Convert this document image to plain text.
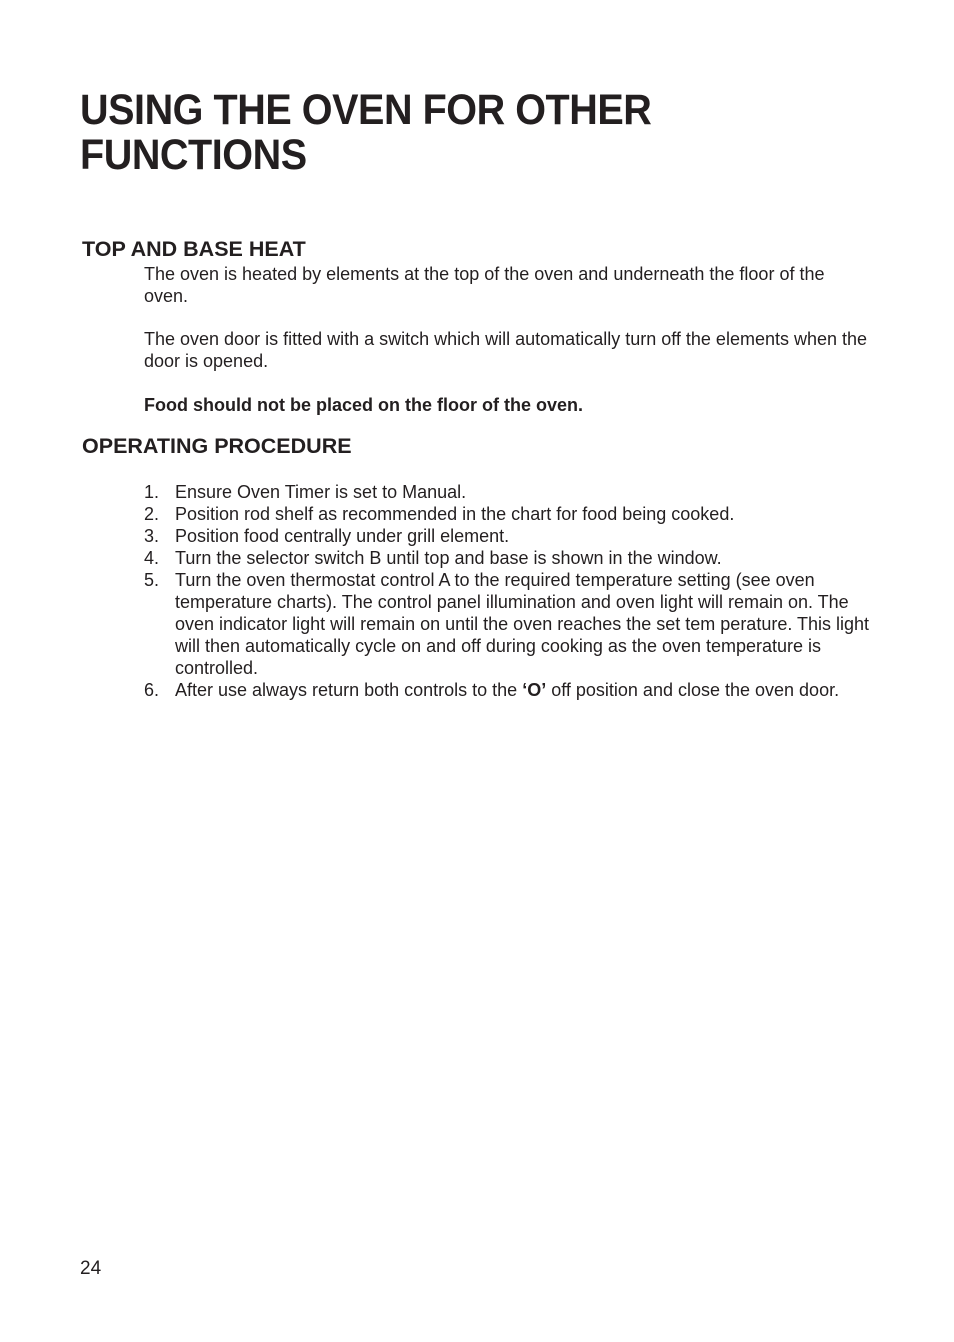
USING THE OVEN FOR OTHER FUNCTIONS
TOP AND BASE HEAT

The oven is heated by elements at the top of the oven and underneath the floor of the oven.

The oven door is fitted with a switch which will automatically turn off the elements when the door is opened.

Food should not be placed on the floor of the oven.

OPERATING PROCEDURE
1. Ensure Oven Timer is set to Manual.
2. Position rod shelf as recommended in the chart for food being cooked.
3. Position food centrally under grill element.
4. Turn the selector switch B until top and base is shown in the window.
5. Turn the oven thermostat control A to the required temperature setting (see oven temperature charts). The control panel illumination and oven light will remain on. The oven indicator light will remain on until the oven reaches the set tem perature. This light will then automatically cycle on and off during cooking as the oven temperature is controlled.
6. After use always return both controls to the ‘O’ off position and close the oven door.
24
